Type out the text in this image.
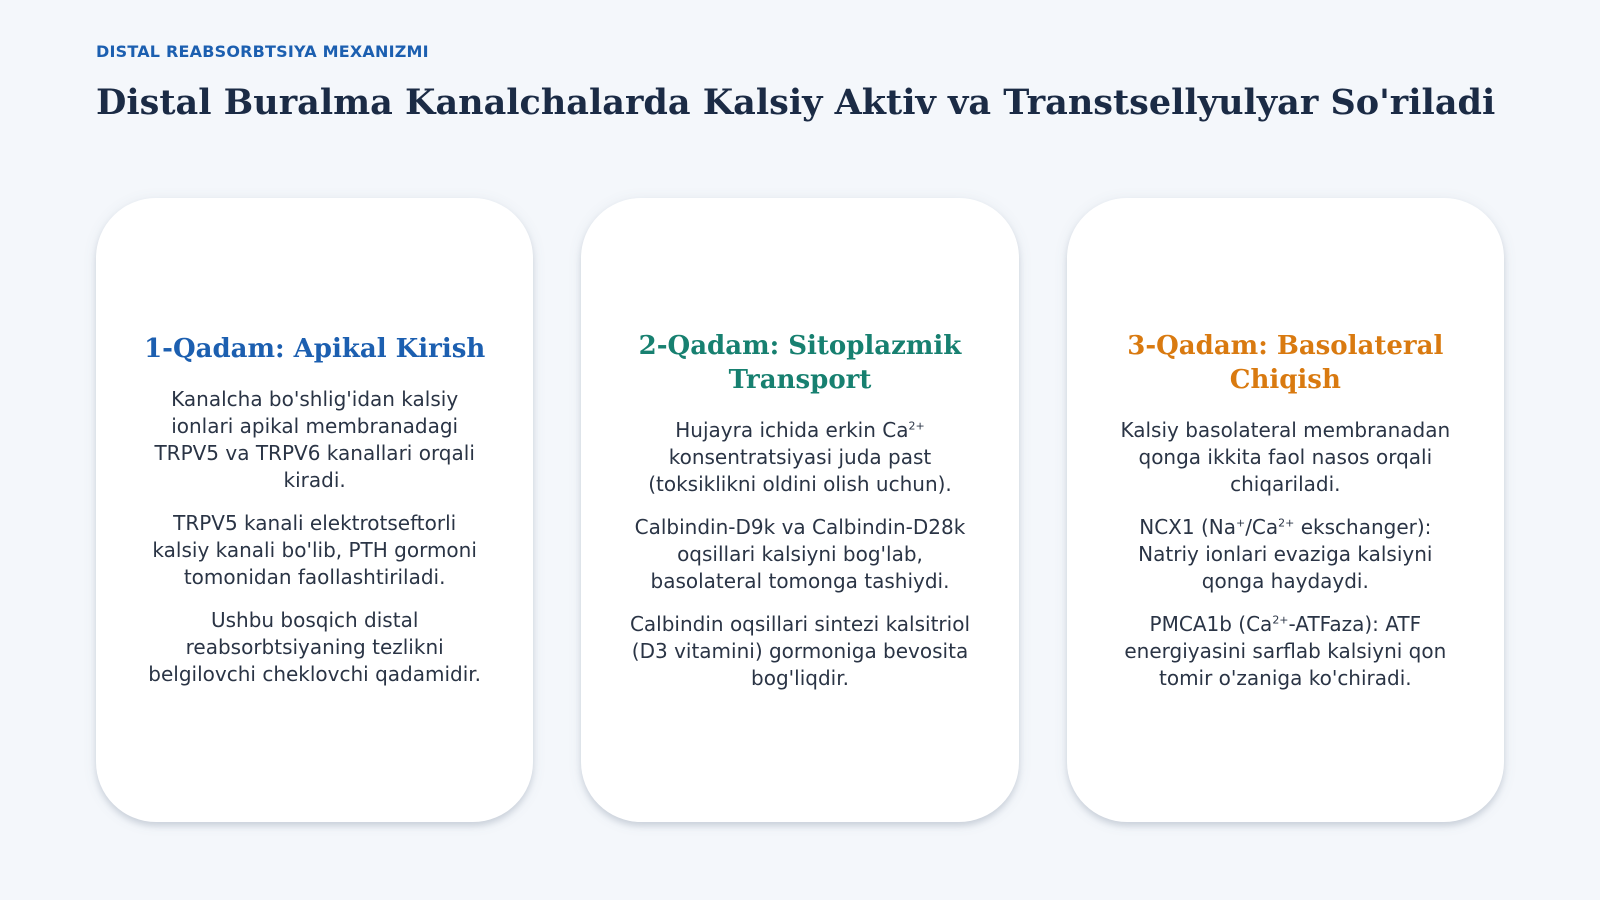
DISTAL REABSORBTSIYA MEXANIZMI
Distal Buralma Kanalchalarda Kalsiy Aktiv va Transtsellyulyar So'riladi
1-Qadam: Apikal Kirish

Kanalcha bo'shlig'idan kalsiy ionlari apikal membranadagi TRPV5 va TRPV6 kanallari orqali kiradi.

TRPV5 kanali elektrotseftorli kalsiy kanali bo'lib, PTH gormoni tomonidan faollashtiriladi.

Ushbu bosqich distal reabsorbtsiyaning tezlikni belgilovchi cheklovchi qadamidir.

2-Qadam: Sitoplazmik Transport

Hujayra ichida erkin $Ca^{2+}$ konsentratsiyasi juda past (toksiklikni oldini olish uchun).

Calbindin-D9k va Calbindin-D28k oqsillari kalsiyni bog'lab, basolateral tomonga tashiydi.

Calbindin oqsillari sintezi kalsitriol (D3 vitamini) gormoniga bevosita bog'liqdir.

3-Qadam: Basolateral Chiqish

Kalsiy basolateral membranadan qonga ikkita faol nasos orqali chiqariladi.

NCX1 ($Na^+/Ca^{2+}$ ekschanger): Natriy ionlari evaziga kalsiyni qonga haydaydi.

PMCA1b $(Ca^{2+}-ATFaza)$: ATF energiyasini sarflab kalsiyni qon tomir o'zaniga ko'chiradi.
